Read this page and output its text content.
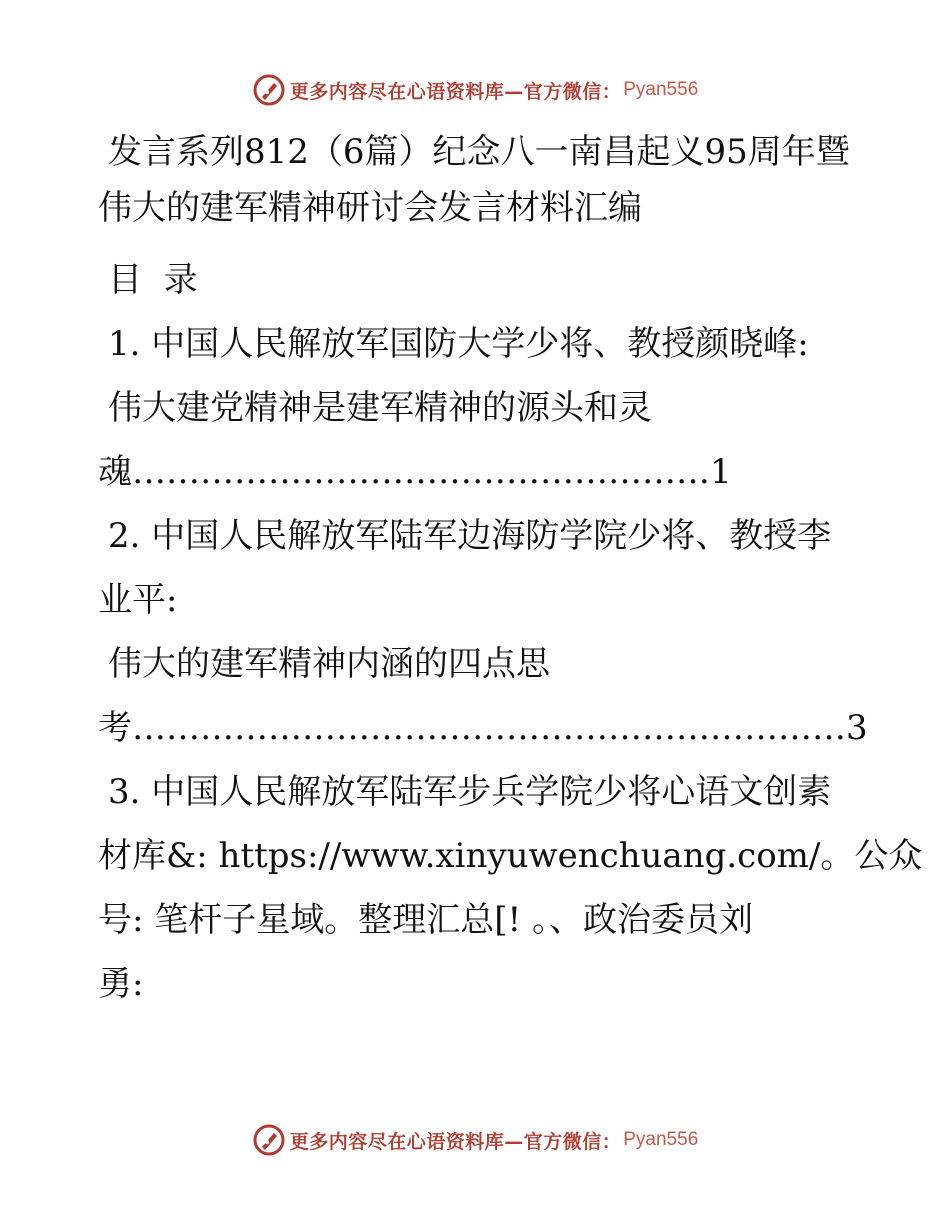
更多内容尽在心语资料库—官方微信： Pyan556

发言系列812（6篇）纪念八一南昌起义95周年暨

伟大的建军精神研讨会发言材料汇编

目  录

1. 中国人民解放军国防大学少将、教授颜晓峰:

伟大建党精神是建军精神的源头和灵

魂……………………………………………1

2. 中国人民解放军陆军边海防学院少将、教授李

业平:

伟大的建军精神内涵的四点思

考………………………………………………………3

3. 中国人民解放军陆军步兵学院少将心语文创素

材库&: https://www.xinyuwenchuang.com/。公众

号: 笔杆子星域。整理汇总[! 。、政治委员刘

勇:

更多内容尽在心语资料库—官方微信： Pyan556
